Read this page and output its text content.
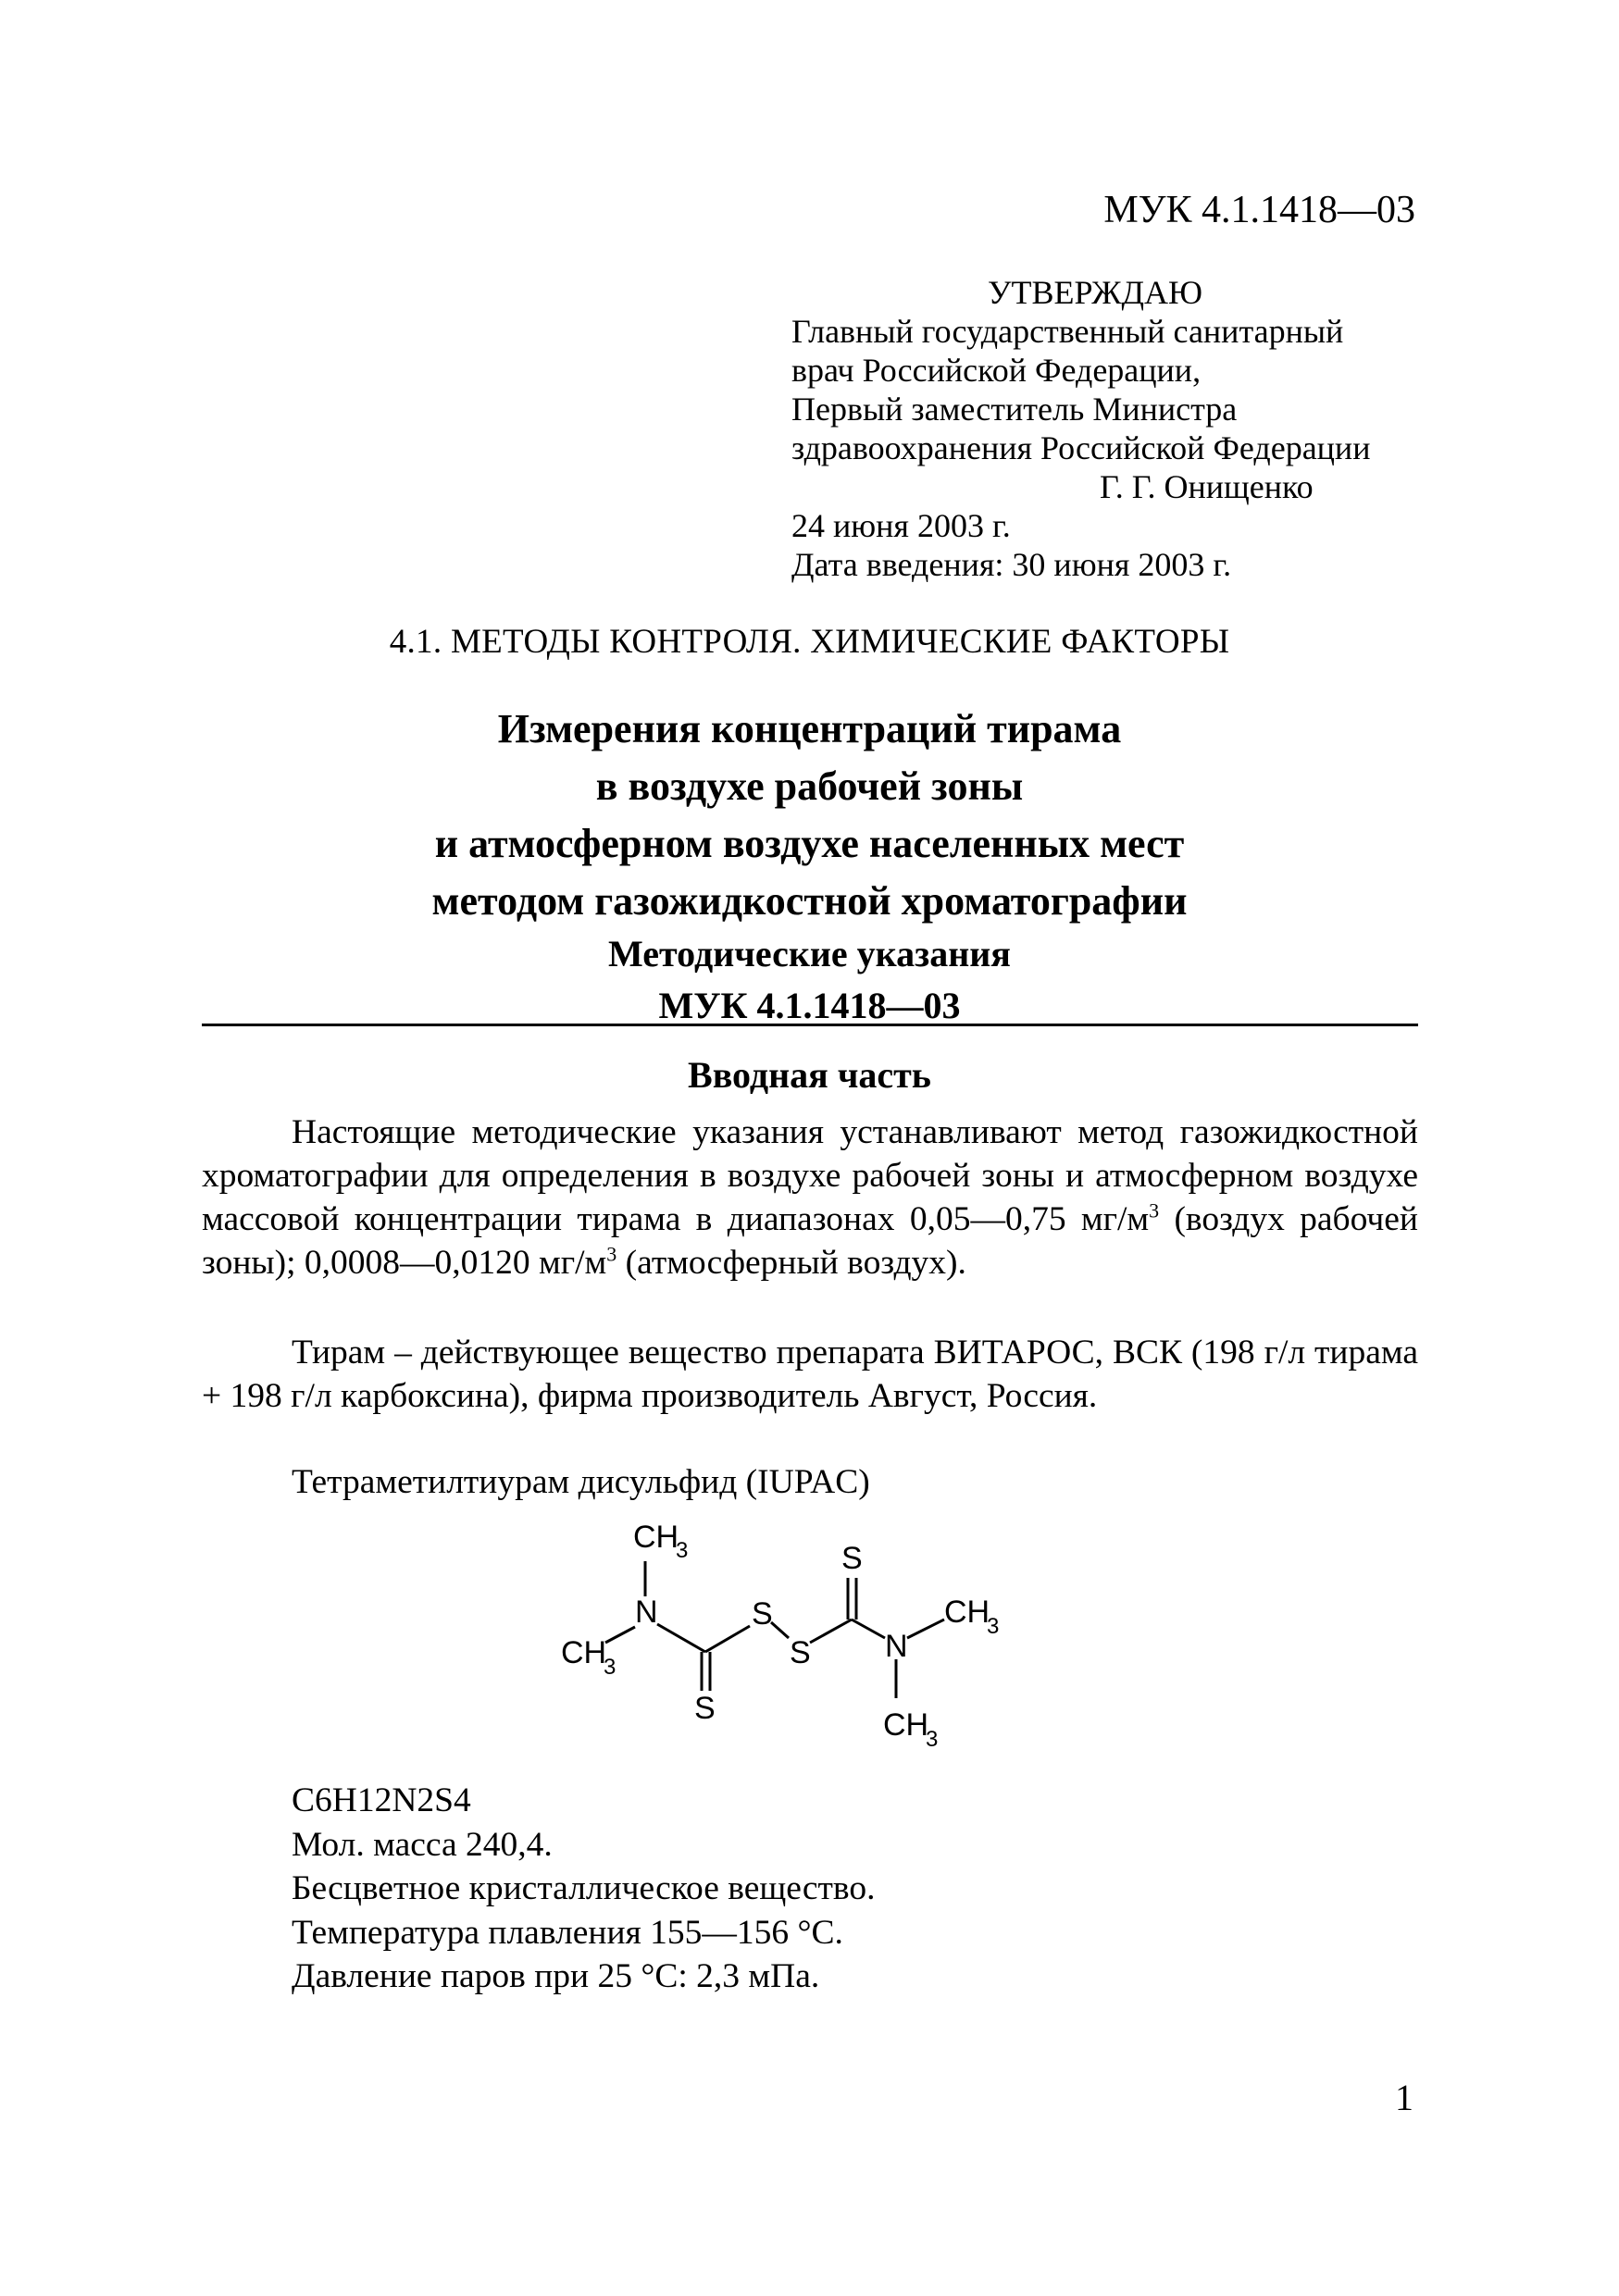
МУК 4.1.1418—03
УТВЕРЖДАЮ
Главный государственный санитарный
врач Российской Федерации,
Первый заместитель Министра
здравоохранения Российской Федерации
Г. Г. Онищенко
24 июня 2003 г.
Дата введения: 30 июня 2003 г.
4.1. МЕТОДЫ КОНТРОЛЯ. ХИМИЧЕСКИЕ ФАКТОРЫ
Измерения концентраций тирама
в воздухе рабочей зоны
и атмосферном воздухе населенных мест
методом газожидкостной хроматографии
Методические указания
МУК 4.1.1418—03
Вводная часть

Настоящие методические указания устанавливают метод газожидкостной хроматографии для определения в воздухе рабочей зоны и атмосферном воздухе массовой концентрации тирама в диапазонах 0,05—0,75 $мг/м^3$ (воздух рабочей зоны); 0,0008—0,0120 $мг/м^3$ (атмосферный воздух).

Тирам – действующее вещество препарата ВИТАРОС, ВСК (198 г/л тирама + 198 г/л карбоксина), фирма производитель Август, Россия.

Тетраметилтиурам дисульфид (IUPAC)
CH
3
N
CH
3
S
S
S
S
N
CH
3
CH
3
C6H12N2S4
Мол. масса 240,4.
Бесцветное кристаллическое вещество.
Температура плавления 155—156 °С.
Давление паров при 25 °С: 2,3 мПа.
1
